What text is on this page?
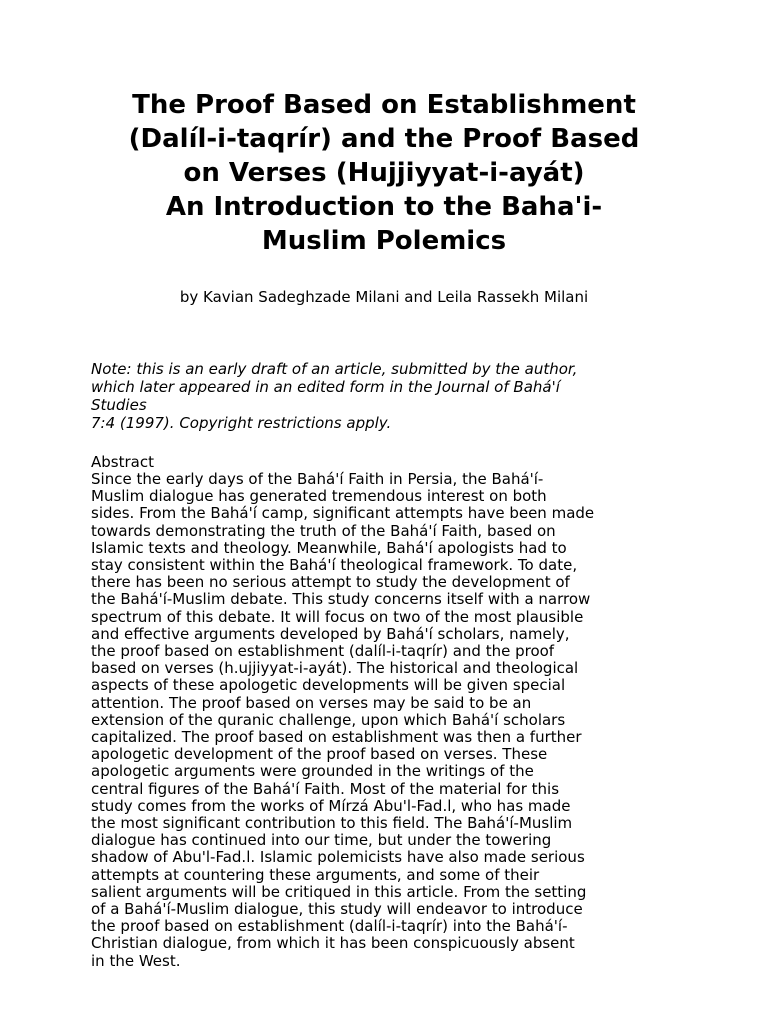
The Proof Based on Establishment
(Dalíl-i-taqrír) and the Proof Based
on Verses (Hujjiyyat-i-ayát)
An Introduction to the Baha'i-
Muslim Polemics

by Kavian Sadeghzade Milani and Leila Rassekh Milani

Note: this is an early draft of an article, submitted by the author,
which later appeared in an edited form in the Journal of Bahá'í
Studies
7:4 (1997). Copyright restrictions apply.

Abstract

Since the early days of the Bahá'í Faith in Persia, the Bahá'í-
Muslim dialogue has generated tremendous interest on both
sides. From the Bahá'í camp, significant attempts have been made
towards demonstrating the truth of the Bahá'í Faith, based on
Islamic texts and theology. Meanwhile, Bahá'í apologists had to
stay consistent within the Bahá'í theological framework. To date,
there has been no serious attempt to study the development of
the Bahá'í-Muslim debate. This study concerns itself with a narrow
spectrum of this debate. It will focus on two of the most plausible
and effective arguments developed by Bahá'í scholars, namely,
the proof based on establishment (dalíl-i-taqrír) and the proof
based on verses (h.ujjiyyat-i-ayát). The historical and theological
aspects of these apologetic developments will be given special
attention. The proof based on verses may be said to be an
extension of the quranic challenge, upon which Bahá'í scholars
capitalized. The proof based on establishment was then a further
apologetic development of the proof based on verses. These
apologetic arguments were grounded in the writings of the
central figures of the Bahá'í Faith. Most of the material for this
study comes from the works of Mírzá Abu'l-Fad.l, who has made
the most significant contribution to this field. The Bahá'í-Muslim
dialogue has continued into our time, but under the towering
shadow of Abu'l-Fad.l. Islamic polemicists have also made serious
attempts at countering these arguments, and some of their
salient arguments will be critiqued in this article. From the setting
of a Bahá'í-Muslim dialogue, this study will endeavor to introduce
the proof based on establishment (dalíl-i-taqrír) into the Bahá'í-
Christian dialogue, from which it has been conspicuously absent
in the West.
